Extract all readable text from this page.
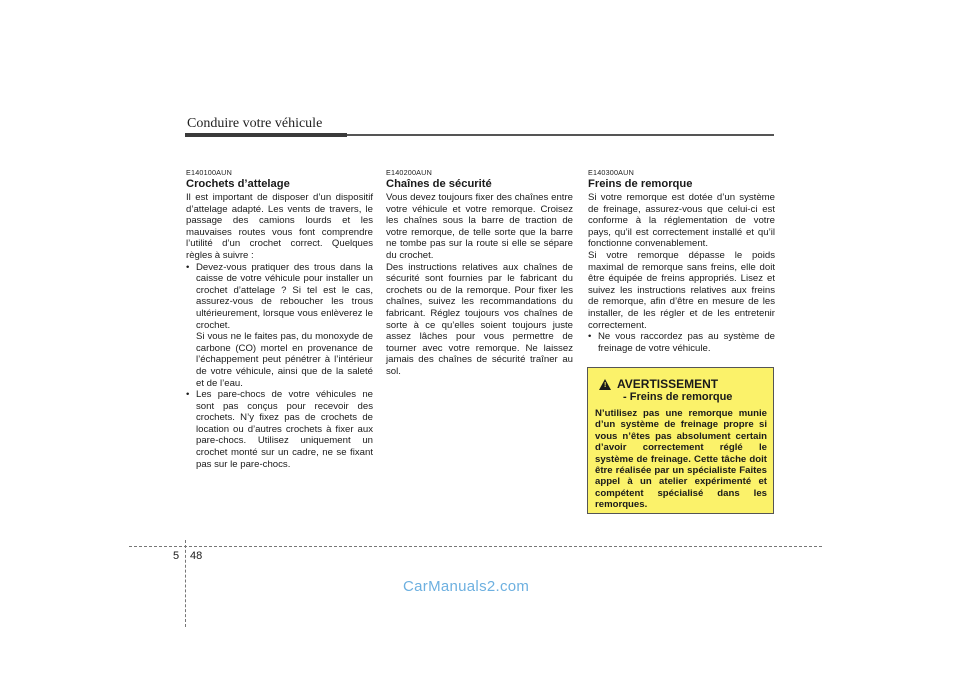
Conduire votre véhicule

E140100AUN

Crochets d’attelage

Il est important de disposer d’un dispositif d’attelage adapté. Les vents de travers, le passage des camions lourds et les mauvaises routes vous font comprendre l’utilité d’un crochet correct. Quelques règles à suivre :

• Devez-vous pratiquer des trous dans la caisse de votre véhicule pour installer un crochet d’attelage ? Si tel est le cas, assurez-vous de reboucher les trous ultérieurement, lorsque vous enlèverez le crochet.

Si vous ne le faites pas, du monoxyde de carbone (CO) mortel en provenance de l’échappement peut pénétrer à l’intérieur de votre véhicule, ainsi que de la saleté et de l’eau.

• Les pare-chocs de votre véhicules ne sont pas conçus pour recevoir des crochets. N’y fixez pas de crochets de location ou d’autres crochets à fixer aux pare-chocs. Utilisez uniquement un crochet monté sur un cadre, ne se fixant pas sur le pare-chocs.

E140200AUN

Chaînes de sécurité

Vous devez toujours fixer des chaînes entre votre véhicule et votre remorque. Croisez les chaînes sous la barre de traction de votre remorque, de telle sorte que la barre ne tombe pas sur la route si elle se sépare du crochet.

Des instructions relatives aux chaînes de sécurité sont fournies par le fabricant du crochets ou de la remorque. Pour fixer les chaînes, suivez les recommandations du fabricant. Réglez toujours vos chaînes de sorte à ce qu’elles soient toujours juste assez lâches pour vous permettre de tourner avec votre remorque. Ne laissez jamais des chaînes de sécurité traîner au sol.

E140300AUN

Freins de remorque

Si votre remorque est dotée d’un système de freinage, assurez-vous que celui-ci est conforme à la réglementation de votre pays, qu’il est correctement installé et qu’il fonctionne convenablement.

Si votre remorque dépasse le poids maximal de remorque sans freins, elle doit être équipée de freins appropriés. Lisez et suivez les instructions relatives aux freins de remorque, afin d’être en mesure de les installer, de les régler et de les entretenir correctement.

• Ne vous raccordez pas au système de freinage de votre véhicule.

! AVERTISSEMENT
- Freins de remorque

N’utilisez pas une remorque munie d’un système de freinage propre si vous n’êtes pas absolument certain d’avoir correctement réglé le système de freinage. Cette tâche doit être réalisée par un spécialiste Faites appel à un atelier expérimenté et compétent spécialisé dans les remorques.

5 48
CarManuals2.com
